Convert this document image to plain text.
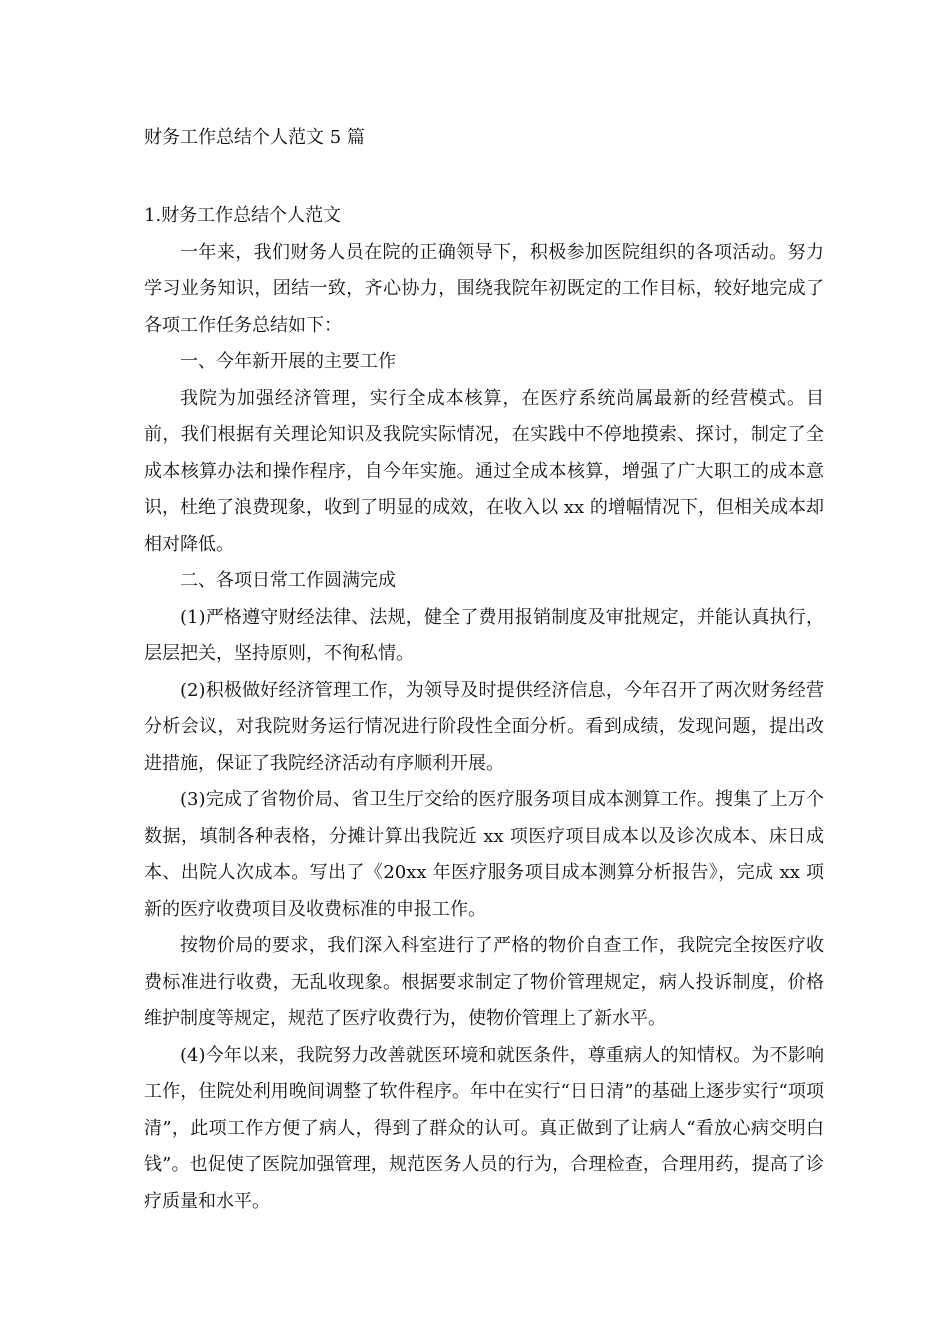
财务工作总结个人范文 5 篇

1.财务工作总结个人范文

一年来，我们财务人员在院的正确领导下，积极参加医院组织的各项活动。努力学习业务知识，团结一致，齐心协力，围绕我院年初既定的工作目标，较好地完成了各项工作任务总结如下：

一、今年新开展的主要工作

我院为加强经济管理，实行全成本核算，在医疗系统尚属最新的经营模式。目前，我们根据有关理论知识及我院实际情况，在实践中不停地摸索、探讨，制定了全成本核算办法和操作程序，自今年实施。通过全成本核算，增强了广大职工的成本意识，杜绝了浪费现象，收到了明显的成效，在收入以 xx 的增幅情况下，但相关成本却相对降低。

二、各项日常工作圆满完成

(1)严格遵守财经法律、法规，健全了费用报销制度及审批规定，并能认真执行，层层把关，坚持原则，不徇私情。

(2)积极做好经济管理工作，为领导及时提供经济信息，今年召开了两次财务经营分析会议，对我院财务运行情况进行阶段性全面分析。看到成绩，发现问题，提出改进措施，保证了我院经济活动有序顺利开展。

(3)完成了省物价局、省卫生厅交给的医疗服务项目成本测算工作。搜集了上万个数据，填制各种表格，分摊计算出我院近 xx 项医疗项目成本以及诊次成本、床日成本、出院人次成本。写出了《20xx 年医疗服务项目成本测算分析报告》，完成 xx 项新的医疗收费项目及收费标准的申报工作。

按物价局的要求，我们深入科室进行了严格的物价自查工作，我院完全按医疗收费标准进行收费，无乱收现象。根据要求制定了物价管理规定，病人投诉制度，价格维护制度等规定，规范了医疗收费行为，使物价管理上了新水平。

(4)今年以来，我院努力改善就医环境和就医条件，尊重病人的知情权。为不影响工作，住院处利用晚间调整了软件程序。年中在实行“日日清”的基础上逐步实行“项项清”，此项工作方便了病人，得到了群众的认可。真正做到了让病人“看放心病交明白钱”。也促使了医院加强管理，规范医务人员的行为，合理检查，合理用药，提高了诊疗质量和水平。
